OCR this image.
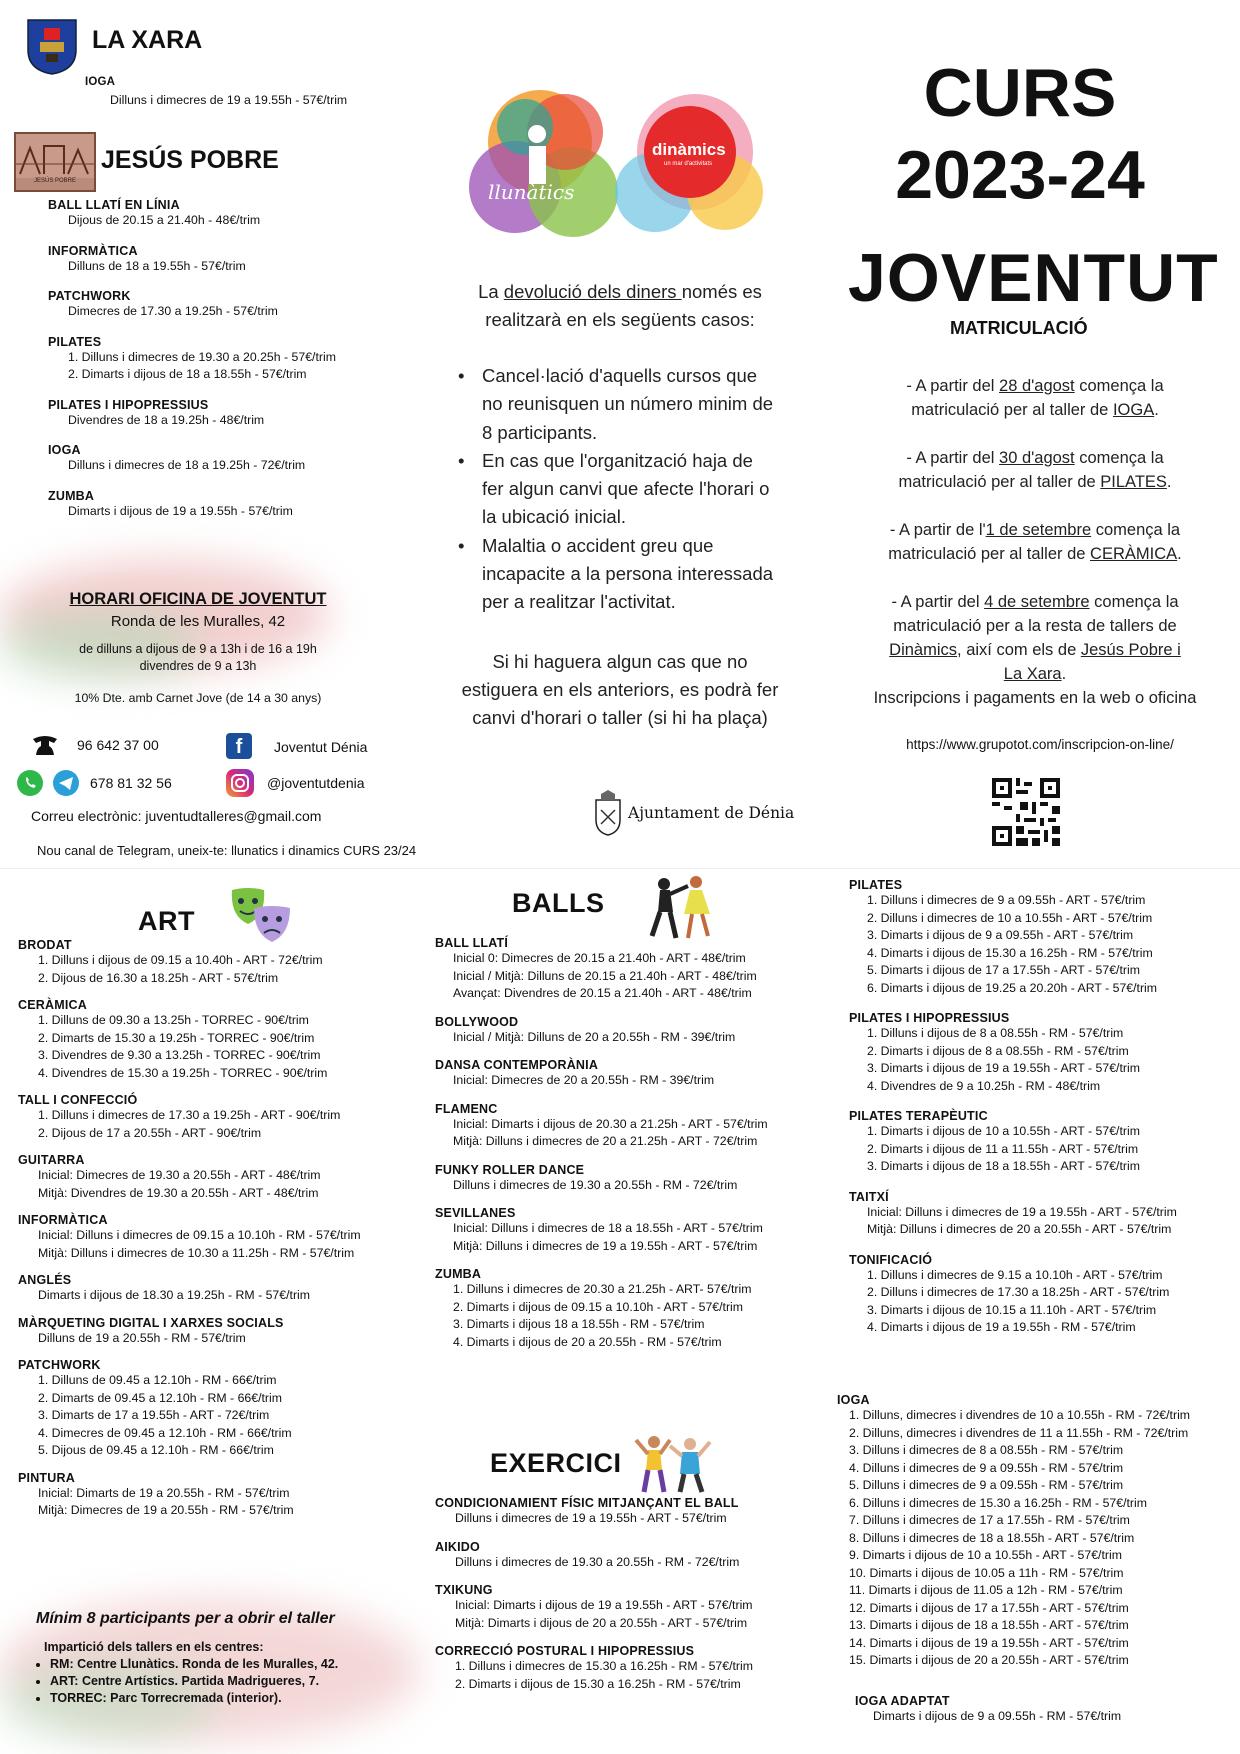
LA XARA
IOGA
Dilluns i dimecres de 19 a 19.55h - 57€/trim
JESÚS POBRE
JESÚS POBRE
BALL LLATÍ EN LÍNIA
Dijous de 20.15 a 21.40h - 48€/trim
INFORMÀTICA
Dilluns de 18 a 19.55h - 57€/trim
PATCHWORK
Dimecres de 17.30 a 19.25h - 57€/trim
PILATES
1. Dilluns i dimecres de 19.30 a 20.25h - 57€/trim
2. Dimarts i dijous de 18 a 18.55h - 57€/trim
PILATES I HIPOPRESSIUS
Divendres de 18 a 19.25h - 48€/trim
IOGA
Dilluns i dimecres de 18 a 19.25h - 72€/trim
ZUMBA
Dimarts i dijous de 19 a 19.55h - 57€/trim
HORARI OFICINA DE JOVENTUT
Ronda de les Muralles, 42
de dilluns a dijous de 9 a 13h i de 16 a 19h
divendres de 9 a 13h
10% Dte. amb Carnet Jove (de 14 a 30 anys)
96 642 37 00	f	Joventut Dénia
678 81 32 56	@joventutdenia
Correu electrònic: juventudtalleres@gmail.com
Nou canal de Telegram, uneix-te: llunatics i dinamics CURS 23/24
llunàtics
dinàmics
un mar d'activitats
La devolució dels diners només es
realitzarà en els següents casos:
• Cancel·lació d'aquells cursos que
no reunisquen un número minim de
8 participants.
• En cas que l'organització haja de
fer algun canvi que afecte l'horari o
la ubicació inicial.
• Malaltia o accident greu que
incapacite a la persona interessada
per a realitzar l'activitat.
Si hi haguera algun cas que no
estiguera en els anteriors, es podrà fer
canvi d'horari o taller (si hi ha plaça)
Ajuntament de Dénia
CURS
2023-24
JOVENTUT
MATRICULACIÓ
- A partir del 28 d'agost comença la
matriculació per al taller de IOGA.
- A partir del 30 d'agost comença la
matriculació per al taller de PILATES.
- A partir de l'1 de setembre comença la
matriculació per al taller de CERÀMICA.
- A partir del 4 de setembre comença la
matriculació per a la resta de tallers de
Dinàmics, així com els de Jesús Pobre i
La Xara.
Inscripcions i pagaments en la web o oficina
https://www.grupotot.com/inscripcion-on-line/
ART
BRODAT
1. Dilluns i dijous de 09.15 a 10.40h - ART - 72€/trim
2. Dijous de 16.30 a 18.25h - ART - 57€/trim
CERÀMICA
1. Dilluns de 09.30 a 13.25h - TORREC - 90€/trim
2. Dimarts de 15.30 a 19.25h - TORREC - 90€/trim
3. Divendres de 9.30 a 13.25h - TORREC - 90€/trim
4. Divendres de 15.30 a 19.25h - TORREC - 90€/trim
TALL I CONFECCIÓ
1. Dilluns i dimecres de 17.30 a 19.25h - ART - 90€/trim
2. Dijous de 17 a 20.55h - ART - 90€/trim
GUITARRA
Inicial: Dimecres de 19.30 a 20.55h - ART - 48€/trim
Mitjà: Divendres de 19.30 a 20.55h - ART - 48€/trim
INFORMÀTICA
Inicial: Dilluns i dimecres de 09.15 a 10.10h - RM - 57€/trim
Mitjà: Dilluns i dimecres de 10.30 a 11.25h - RM - 57€/trim
ANGLÉS
Dimarts i dijous de 18.30 a 19.25h - RM - 57€/trim
MÀRQUETING DIGITAL I XARXES SOCIALS
Dilluns de 19 a 20.55h - RM - 57€/trim
PATCHWORK
1. Dilluns de 09.45 a 12.10h - RM - 66€/trim
2. Dimarts de 09.45 a 12.10h - RM - 66€/trim
3. Dimarts de 17 a 19.55h - ART - 72€/trim
4. Dimecres de 09.45 a 12.10h - RM - 66€/trim
5. Dijous de 09.45 a 12.10h - RM - 66€/trim
PINTURA
Inicial: Dimarts de 19 a 20.55h - RM - 57€/trim
Mitjà: Dimecres de 19 a 20.55h - RM - 57€/trim
Mínim 8 participants per a obrir el taller
Impartició dels tallers en els centres:
• RM: Centre Llunàtics. Ronda de les Muralles, 42.
• ART: Centre Artístics. Partida Madrigueres, 7.
• TORREC: Parc Torrecremada (interior).
BALLS
BALL LLATÍ
Inicial 0: Dimecres de 20.15 a 21.40h - ART - 48€/trim
Inicial / Mitjà: Dilluns de 20.15 a 21.40h - ART - 48€/trim
Avançat: Divendres de 20.15 a 21.40h - ART - 48€/trim
BOLLYWOOD
Inicial / Mitjà: Dilluns de 20 a 20.55h - RM - 39€/trim
DANSA CONTEMPORÀNIA
Inicial: Dimecres de 20 a 20.55h - RM - 39€/trim
FLAMENC
Inicial: Dimarts i dijous de 20.30 a 21.25h - ART - 57€/trim
Mitjà: Dilluns i dimecres de 20 a 21.25h - ART - 72€/trim
FUNKY ROLLER DANCE
Dilluns i dimecres de 19.30 a 20.55h - RM - 72€/trim
SEVILLANES
Inicial: Dilluns i dimecres de 18 a 18.55h - ART - 57€/trim
Mitjà: Dilluns i dimecres de 19 a 19.55h - ART - 57€/trim
ZUMBA
1. Dilluns i dimecres de 20.30 a 21.25h - ART- 57€/trim
2. Dimarts i dijous de 09.15 a 10.10h - ART - 57€/trim
3. Dimarts i dijous 18 a 18.55h - RM - 57€/trim
4. Dimarts i dijous de 20 a 20.55h - RM - 57€/trim
EXERCICI
CONDICIONAMIENT FÍSIC MITJANÇANT EL BALL
Dilluns i dimecres de 19 a 19.55h - ART - 57€/trim
AIKIDO
Dilluns i dimecres de 19.30 a 20.55h - RM - 72€/trim
TXIKUNG
Inicial: Dimarts i dijous de 19 a 19.55h - ART - 57€/trim
Mitjà: Dimarts i dijous de 20 a 20.55h - ART - 57€/trim
CORRECCIÓ POSTURAL I HIPOPRESSIUS
1. Dilluns i dimecres de 15.30 a 16.25h - RM - 57€/trim
2. Dimarts i dijous de 15.30 a 16.25h - RM - 57€/trim
PILATES
1. Dilluns i dimecres de 9 a 09.55h - ART - 57€/trim
2. Dilluns i dimecres de 10 a 10.55h - ART - 57€/trim
3. Dimarts i dijous de 9 a 09.55h - ART - 57€/trim
4. Dimarts i dijous de 15.30 a 16.25h - RM - 57€/trim
5. Dimarts i dijous de 17 a 17.55h - ART - 57€/trim
6. Dimarts i dijous de 19.25 a 20.20h - ART - 57€/trim
PILATES I HIPOPRESSIUS
1. Dilluns i dijous de 8 a 08.55h - RM - 57€/trim
2. Dimarts i dijous de 8 a 08.55h - RM - 57€/trim
3. Dimarts i dijous de 19 a 19.55h - ART - 57€/trim
4. Divendres de 9 a 10.25h - RM - 48€/trim
PILATES TERAPÈUTIC
1. Dimarts i dijous de 10 a 10.55h - ART - 57€/trim
2. Dimarts i dijous de 11 a 11.55h - ART - 57€/trim
3. Dimarts i dijous de 18 a 18.55h - ART - 57€/trim
TAITXÍ
Inicial: Dilluns i dimecres de 19 a 19.55h - ART - 57€/trim
Mitjà: Dilluns i dimecres de 20 a 20.55h - ART - 57€/trim
TONIFICACIÓ
1. Dilluns i dimecres de 9.15 a 10.10h - ART - 57€/trim
2. Dilluns i dimecres de 17.30 a 18.25h - ART - 57€/trim
3. Dimarts i dijous de 10.15 a 11.10h - ART - 57€/trim
4. Dimarts i dijous de 19 a 19.55h - RM - 57€/trim
IOGA
1. Dilluns, dimecres i divendres de 10 a 10.55h - RM - 72€/trim
2. Dilluns, dimecres i divendres de 11 a 11.55h - RM - 72€/trim
3. Dilluns i dimecres de 8 a 08.55h - RM - 57€/trim
4. Dilluns i dimecres de 9 a 09.55h - RM - 57€/trim
5. Dilluns i dimecres de 9 a 09.55h - RM - 57€/trim
6. Dilluns i dimecres de 15.30 a 16.25h - RM - 57€/trim
7. Dilluns i dimecres de 17 a 17.55h - RM - 57€/trim
8. Dilluns i dimecres de 18 a 18.55h - ART - 57€/trim
9. Dimarts i dijous de 10 a 10.55h - ART - 57€/trim
10. Dimarts i dijous de 10.05 a 11h - RM - 57€/trim
11. Dimarts i dijous de 11.05 a 12h - RM - 57€/trim
12. Dimarts i dijous de 17 a 17.55h - ART - 57€/trim
13. Dimarts i dijous de 18 a 18.55h - ART - 57€/trim
14. Dimarts i dijous de 19 a 19.55h - ART - 57€/trim
15. Dimarts i dijous de 20 a 20.55h - ART - 57€/trim
IOGA ADAPTAT
Dimarts i dijous de 9 a 09.55h - RM - 57€/trim
